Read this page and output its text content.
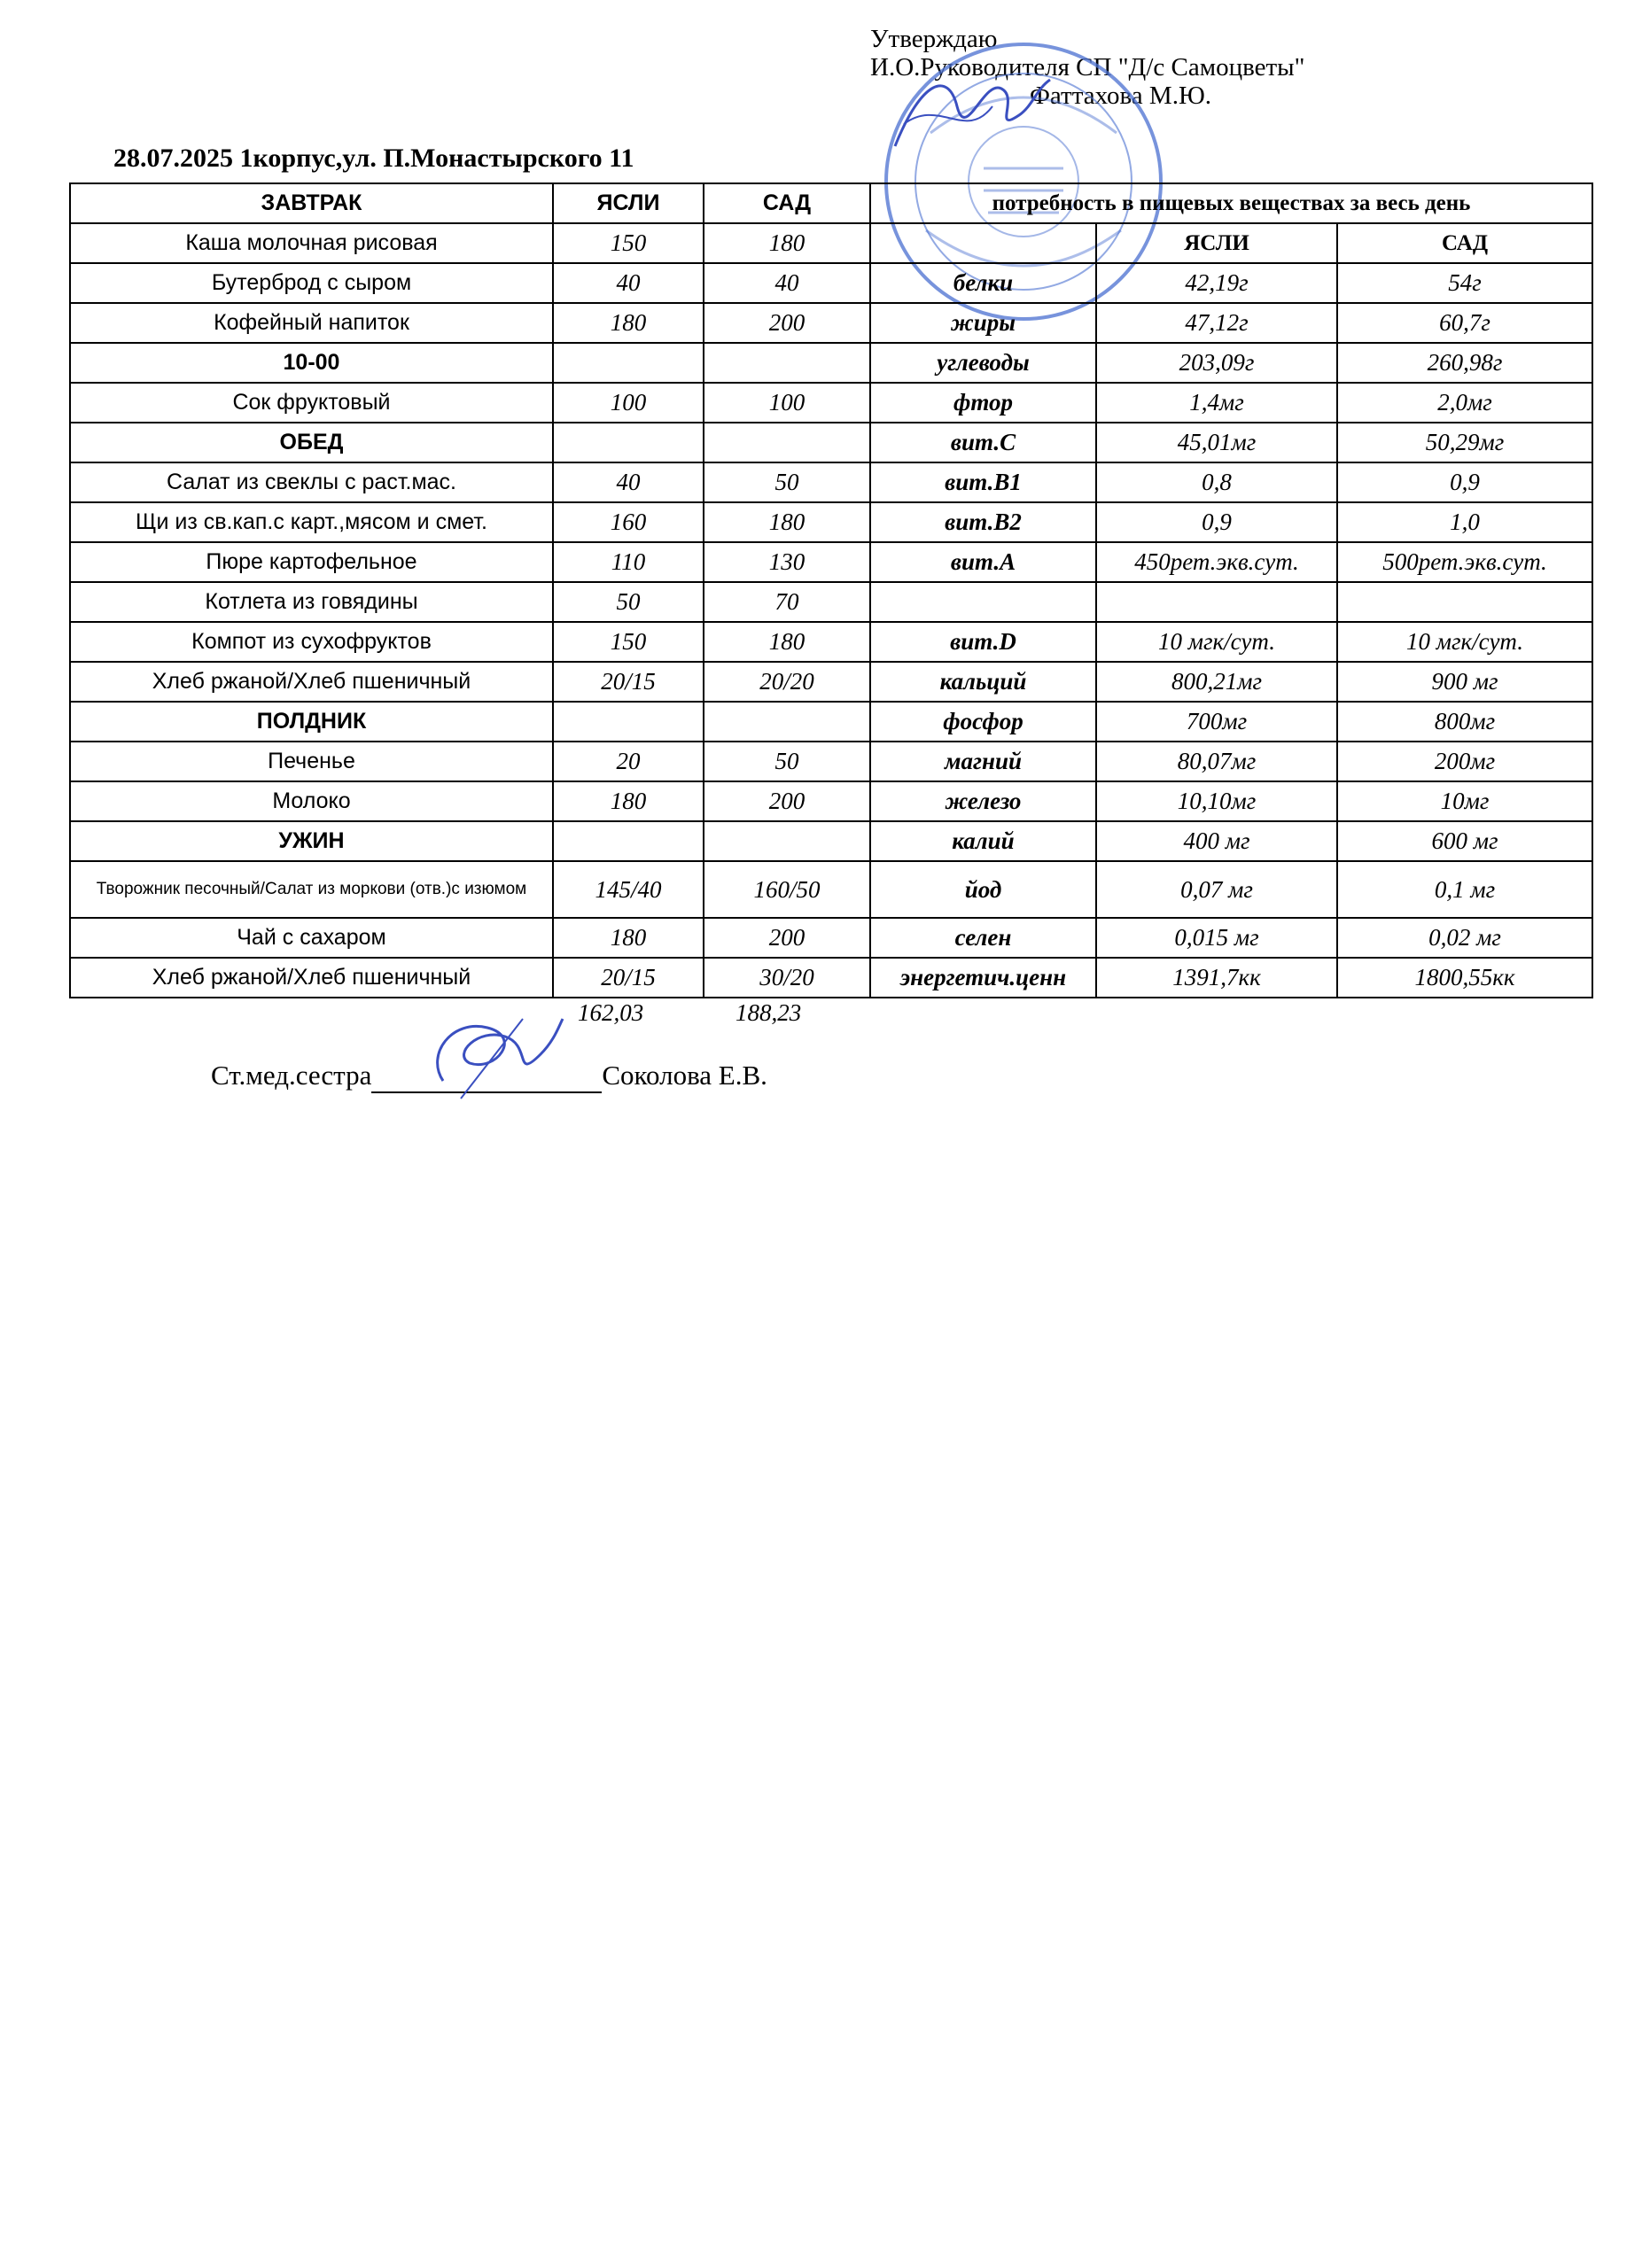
Утверждаю
И.О.Руководителя СП "Д/с Самоцветы"
Фаттахова М.Ю.
28.07.2025 1корпус,ул. П.Монастырского 11
ЗАВТРАК	ЯСЛИ	САД	потребность в пищевых веществах за весь день		
Каша молочная рисовая	150	180		ЯСЛИ	САД
Бутерброд с сыром	40	40	белки	42,19г	54г
Кофейный напиток	180	200	жиры	47,12г	60,7г
10-00			углеводы	203,09г	260,98г
Сок фруктовый	100	100	фтор	1,4мг	2,0мг
ОБЕД			вит.С	45,01мг	50,29мг
Салат из свеклы с раст.мас.	40	50	вит.В1	0,8	0,9
Щи из св.кап.с карт.,мясом и смет.	160	180	вит.В2	0,9	1,0
Пюре картофельное	110	130	вит.А	450рет.экв.сут.	500рет.экв.сут.
Котлета из говядины	50	70			
Компот из сухофруктов	150	180	вит.D	10 мгк/сут.	10 мгк/сут.
Хлеб ржаной/Хлеб пшеничный	20/15	20/20	кальций	800,21мг	900 мг
ПОЛДНИК			фосфор	700мг	800мг
Печенье	20	50	магний	80,07мг	200мг
Молоко	180	200	железо	10,10мг	10мг
УЖИН			калий	400 мг	600 мг
Творожник песочный/Салат из моркови (отв.)с изюмом	145/40	160/50	йод	0,07 мг	0,1 мг
Чай с сахаром	180	200	селен	0,015 мг	0,02 мг
Хлеб ржаной/Хлеб пшеничный	20/15	30/20	энергетич.ценн	1391,7кк	1800,55кк
162,03	188,23
Ст.мед.сестра	Соколова Е.В.
